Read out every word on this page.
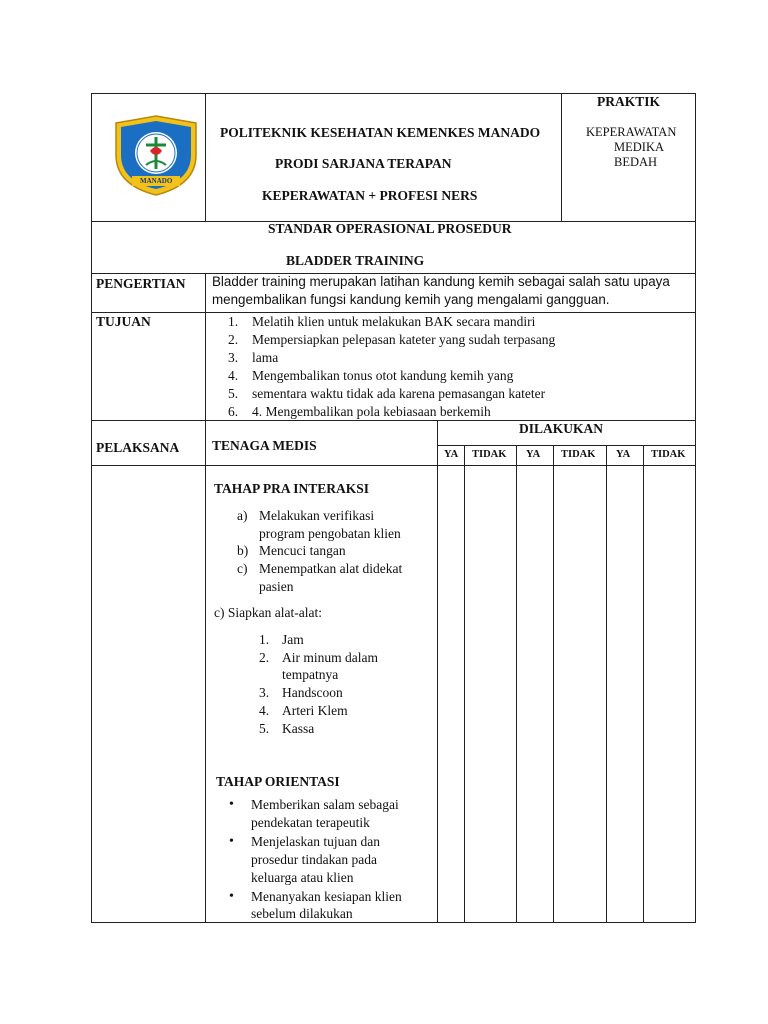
MANADO
POLITEKNIK KESEHATAN KEMENKES MANADO
PRODI SARJANA TERAPAN
KEPERAWATAN + PROFESI NERS
PRAKTIK
KEPERAWATAN
MEDIKA
BEDAH
STANDAR OPERASIONAL PROSEDUR
BLADDER TRAINING
PENGERTIAN Bladder training merupakan latihan kandung kemih sebagai salah satu upaya
mengembalikan fungsi kandung kemih yang mengalami gangguan.
TUJUAN	1. Melatih klien untuk melakukan BAK secara mandiri
2. Mempersiapkan pelepasan kateter yang sudah terpasang
3. lama
4. Mengembalikan tonus otot kandung kemih yang
5. sementara waktu tidak ada karena pemasangan kateter
6. 4. Mengembalikan pola kebiasaan berkemih
PELAKSANA TENAGA MEDIS
DILAKUKAN
YA TIDAK YA TIDAK YA TIDAK
TAHAP PRA INTERAKSI
a) Melakukan verifikasi
program pengobatan klien
b) Mencuci tangan
c) Menempatkan alat didekat
pasien
c) Siapkan alat-alat:
1. Jam
2. Air minum dalam
tempatnya
3. Handscoon
4. Arteri Klem
5. Kassa
TAHAP ORIENTASI
• Memberikan salam sebagai
pendekatan terapeutik
• Menjelaskan tujuan dan
prosedur tindakan pada
keluarga atau klien
• Menanyakan kesiapan klien
sebelum dilakukan
